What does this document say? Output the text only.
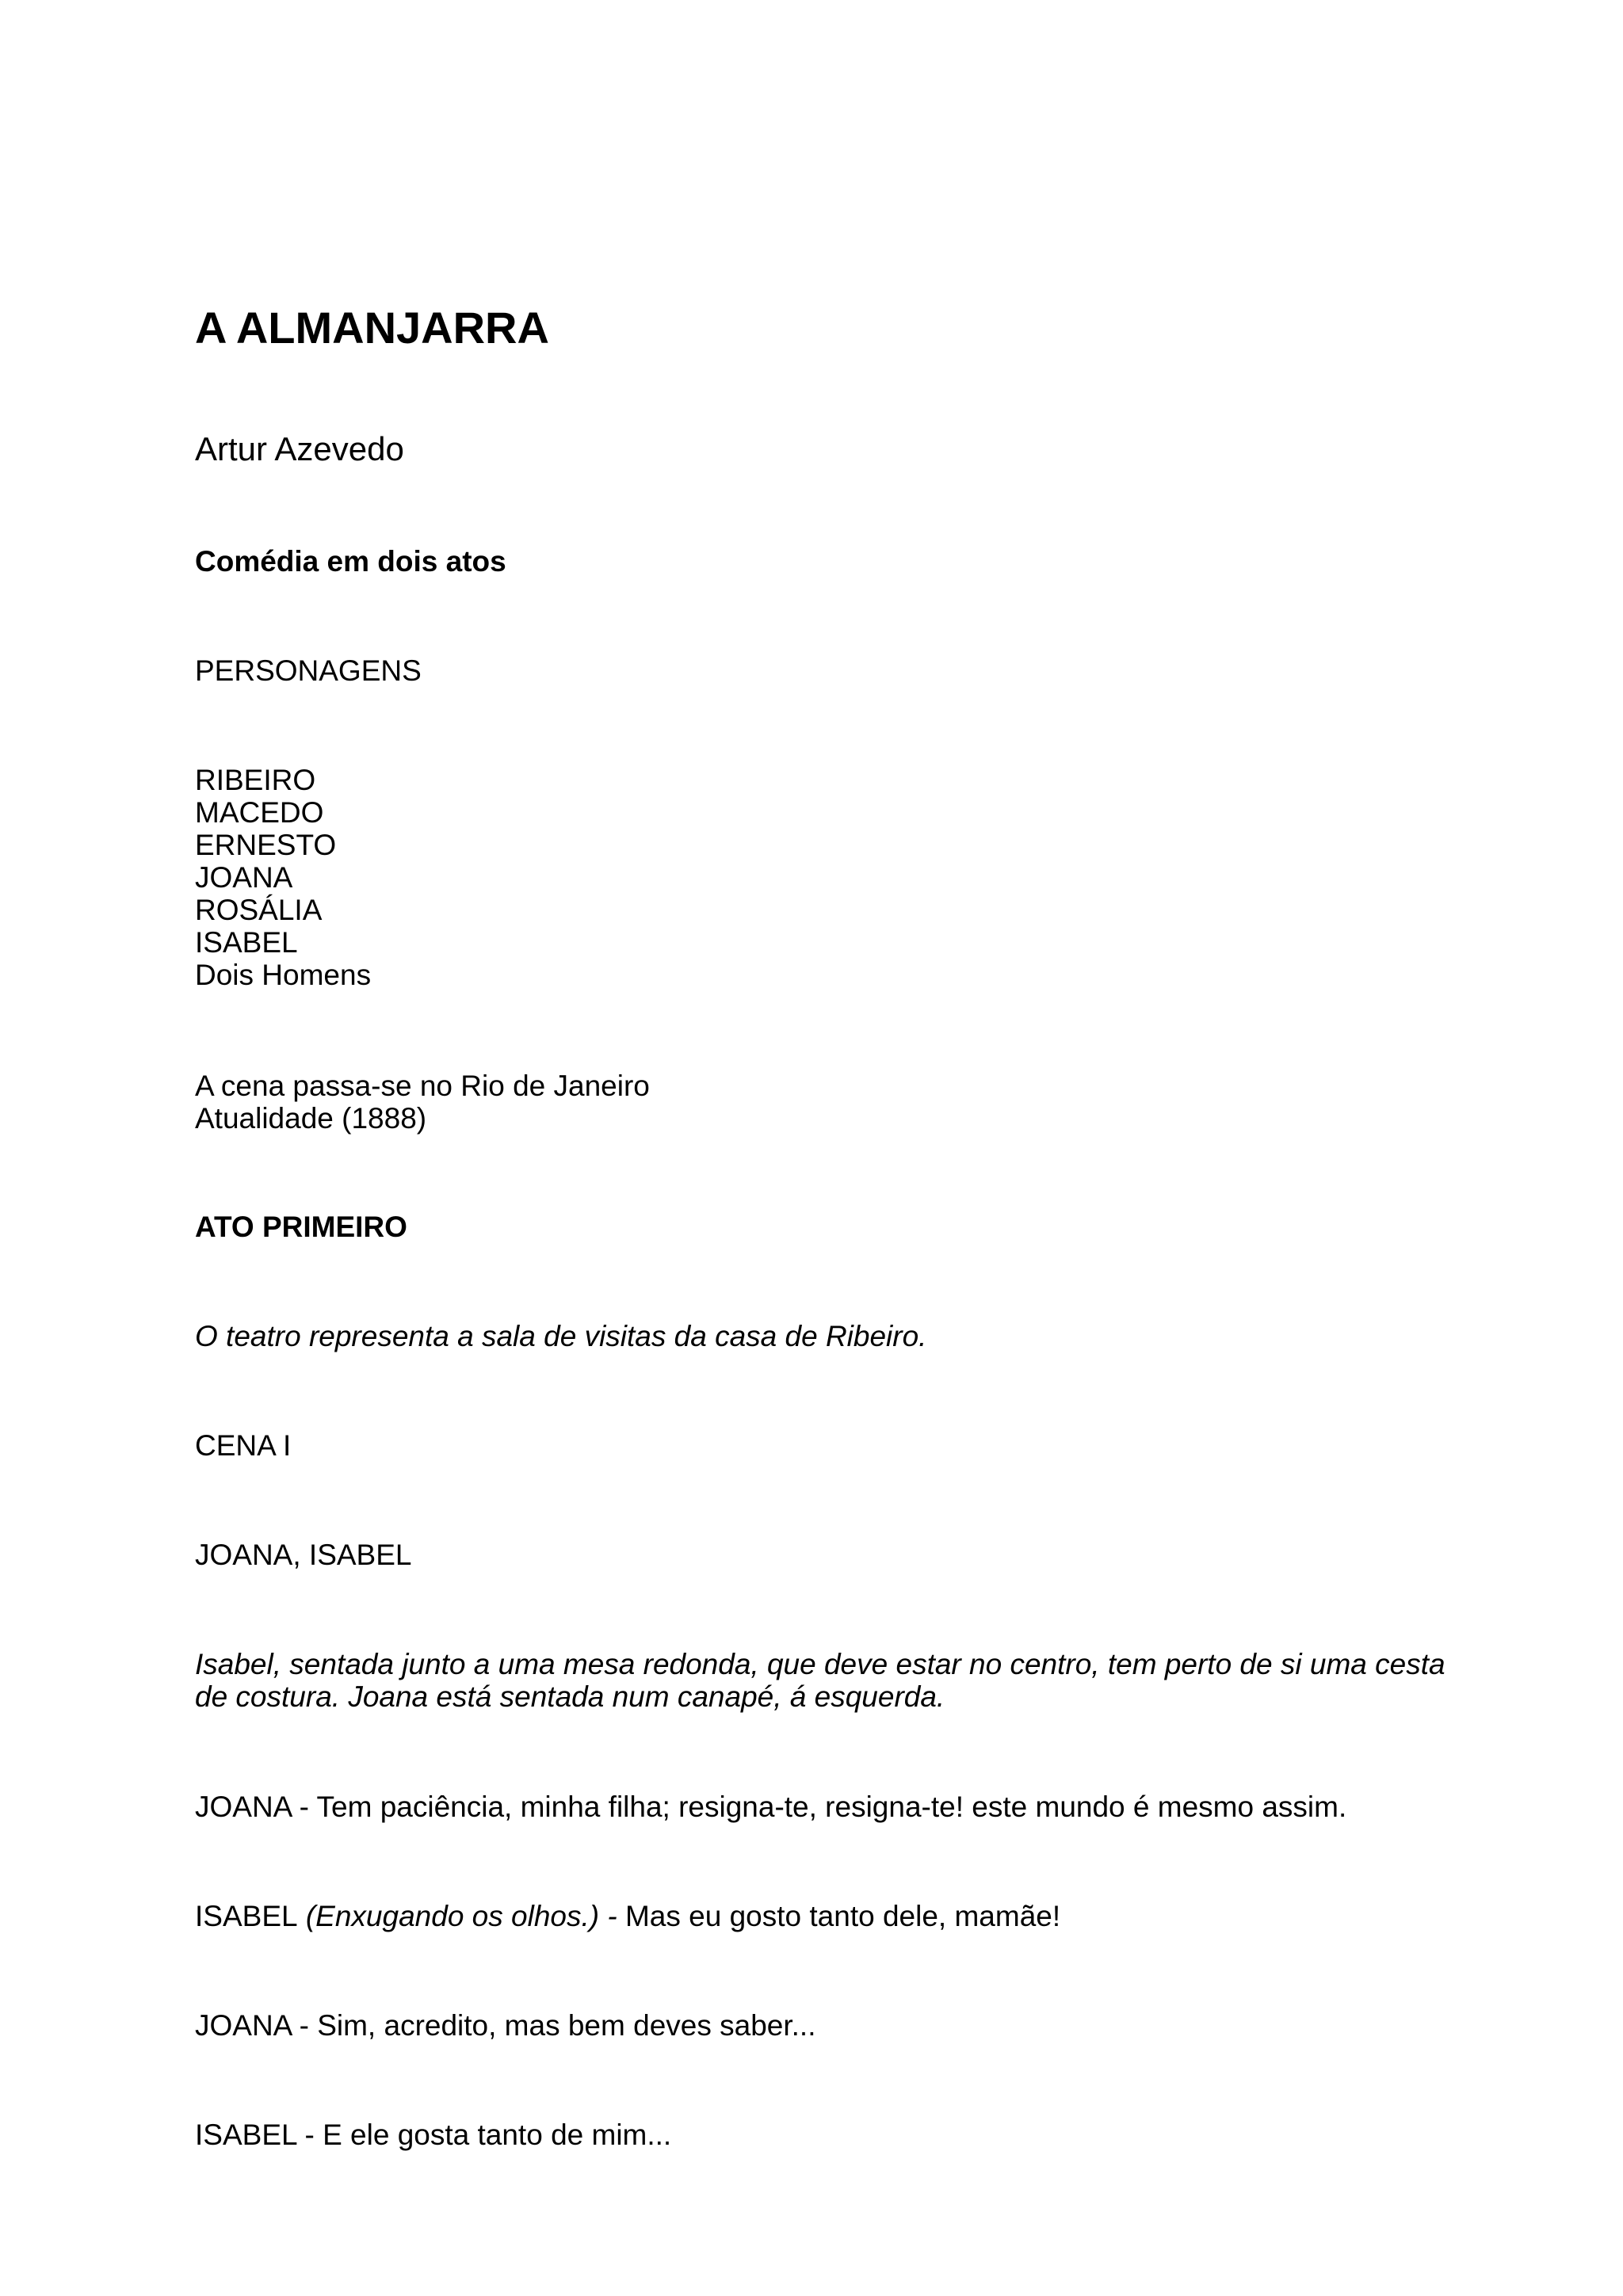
A ALMANJARRA

Artur Azevedo

Comédia em dois atos

PERSONAGENS

RIBEIRO
MACEDO
ERNESTO
JOANA
ROSÁLIA
ISABEL
Dois Homens
A cena passa-se no Rio de Janeiro
Atualidade (1888)

ATO PRIMEIRO

O teatro representa a sala de visitas da casa de Ribeiro.

CENA I

JOANA, ISABEL

Isabel, sentada junto a uma mesa redonda, que deve estar no centro, tem perto de si uma cesta
de costura. Joana está sentada num canapé, á esquerda.

JOANA - Tem paciência, minha filha; resigna-te, resigna-te! este mundo é mesmo assim.

ISABEL (Enxugando os olhos.) - Mas eu gosto tanto dele, mamãe!

JOANA - Sim, acredito, mas bem deves saber...

ISABEL - E ele gosta tanto de mim...
